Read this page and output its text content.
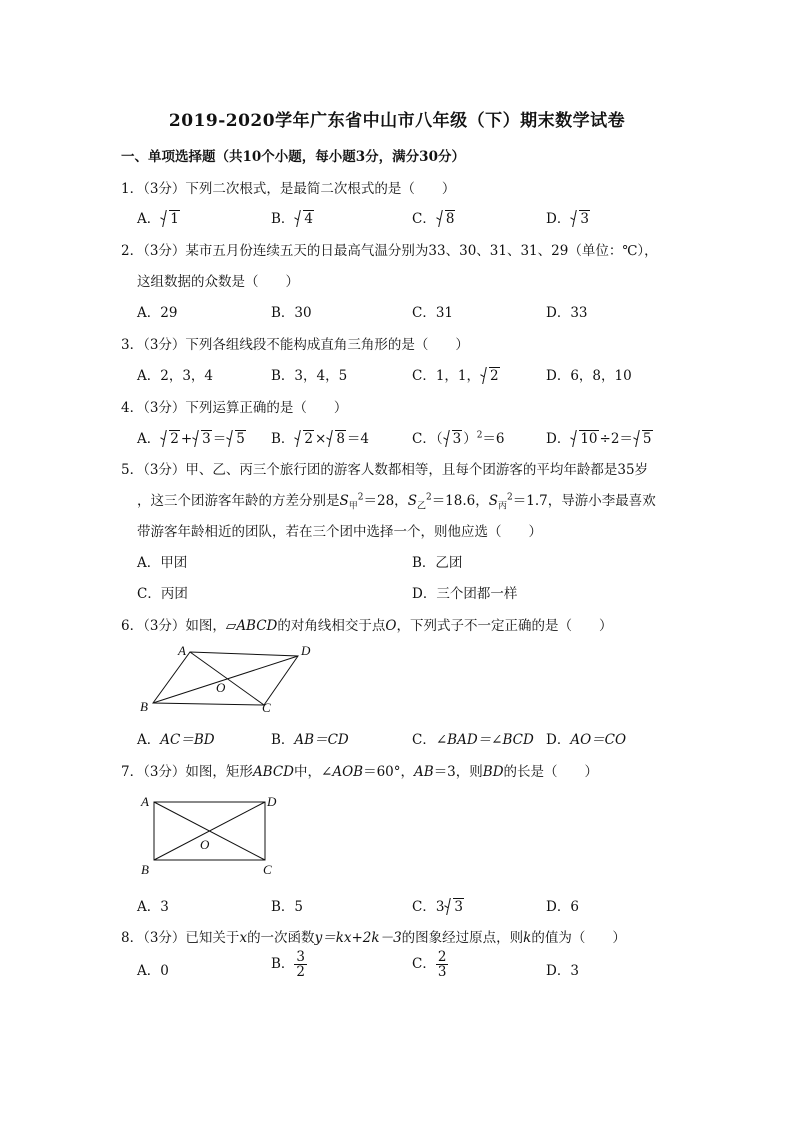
2019-2020学年广东省中山市八年级（下）期末数学试卷
一、单项选择题（共10个小题，每小题3分，满分30分）
1．（3分）下列二次根式，是最简二次根式的是（　　）
A． 1	B． 4	C． 8	D． 3
2．（3分）某市五月份连续五天的日最高气温分别为33、30、31、31、29（单位：℃），
这组数据的众数是（　　）
A．29	B．30	C．31	D．33
3．（3分）下列各组线段不能构成直角三角形的是（　　）
A．2，3，4	B．3，4，5	C．1，1， 2	D．6，8，10
4．（3分）下列运算正确的是（　　）
A． 2 + 3 ＝ 5 B． 2 × 8 ＝4	C．（ 3 ）$^2$＝6	D． 10 ÷2＝ 5
5．（3分）甲、乙、丙三个旅行团的游客人数都相等，且每个团游客的平均年龄都是35岁
，这三个团游客年龄的方差分别是$S_甲^2=28$，$S_乙^2=18.6$，$S_丙^2=1.7$，导游小李最喜欢
带游客年龄相近的团队，若在三个团中选择一个，则他应选（　　）
A．甲团	B．乙团
C．丙团	D．三个团都一样
6．（3分）如图，▱ABCD的对角线相交于点O，下列式子不一定正确的是（　　）
A
B	C
D
O
A．AC＝BD	B．AB＝CD	C．∠BAD＝∠BCD D．AO＝CO
7．（3分）如图，矩形ABCD中，∠AOB＝60°，AB＝3，则BD的长是（　　）
A
B	C
D
O
A．3	B．5	C．3 3	D．6
8．（3分）已知关于x的一次函数y＝kx+2k－3的图象经过原点，则k的值为（　　）
A．0	B． $\frac{3}{2}$	C． $\frac{2}{3}$	D．3
